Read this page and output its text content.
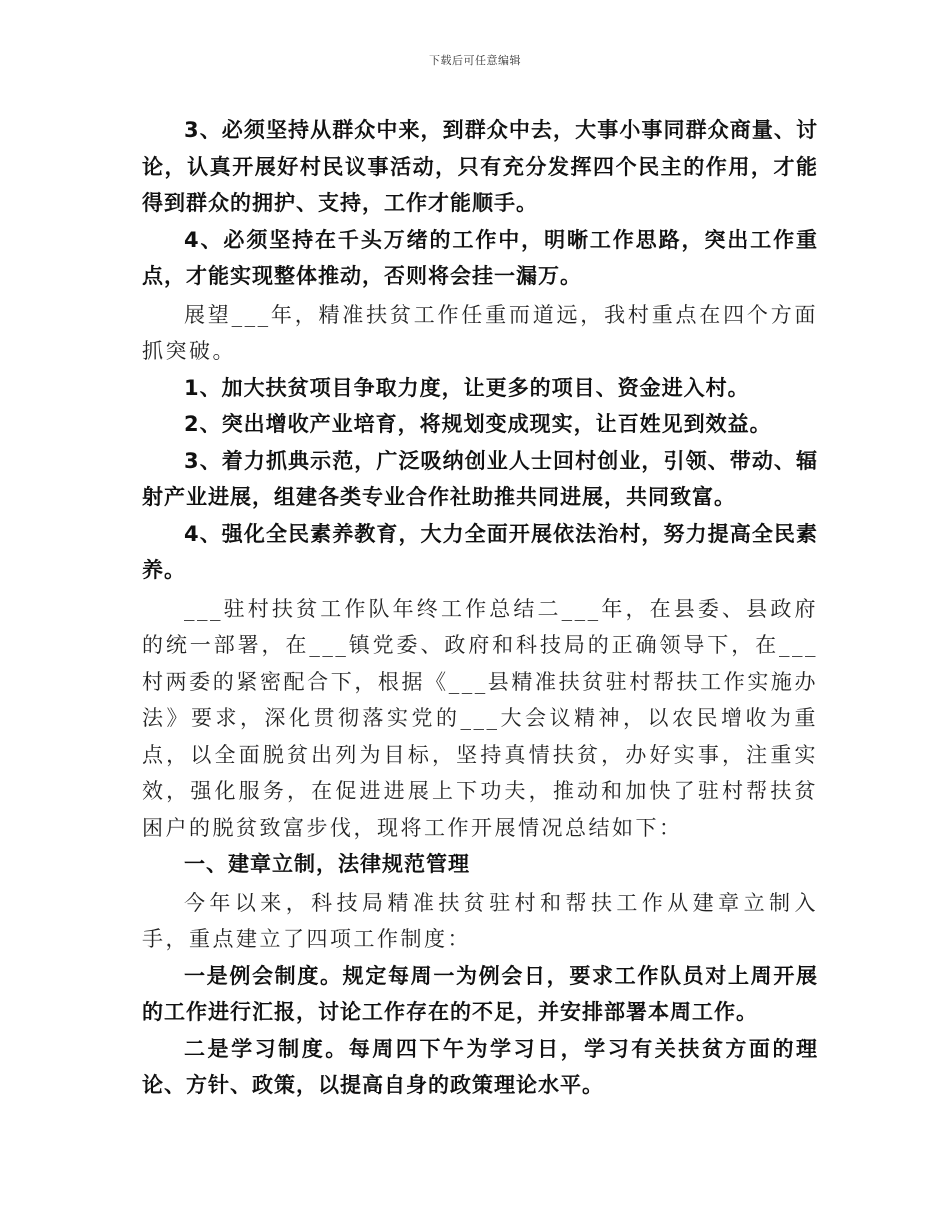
下载后可任意编辑

3、必须坚持从群众中来，到群众中去，大事小事同群众商量、讨论，认真开展好村民议事活动，只有充分发挥四个民主的作用，才能得到群众的拥护、支持，工作才能顺手。

4、必须坚持在千头万绪的工作中，明晰工作思路，突出工作重点，才能实现整体推动，否则将会挂一漏万。

展望___年，精准扶贫工作任重而道远，我村重点在四个方面抓突破。

1、加大扶贫项目争取力度，让更多的项目、资金进入村。

2、突出增收产业培育，将规划变成现实，让百姓见到效益。

3、着力抓典示范，广泛吸纳创业人士回村创业，引领、带动、辐射产业进展，组建各类专业合作社助推共同进展，共同致富。

4、强化全民素养教育，大力全面开展依法治村，努力提高全民素养。

___驻村扶贫工作队年终工作总结二___年，在县委、县政府的统一部署，在___镇党委、政府和科技局的正确领导下，在___村两委的紧密配合下，根据《___县精准扶贫驻村帮扶工作实施办法》要求，深化贯彻落实党的___大会议精神，以农民增收为重点，以全面脱贫出列为目标，坚持真情扶贫，办好实事，注重实效，强化服务，在促进进展上下功夫，推动和加快了驻村帮扶贫困户的脱贫致富步伐，现将工作开展情况总结如下：

一、建章立制，法律规范管理

今年以来，科技局精准扶贫驻村和帮扶工作从建章立制入手，重点建立了四项工作制度：

一是例会制度。规定每周一为例会日，要求工作队员对上周开展的工作进行汇报，讨论工作存在的不足，并安排部署本周工作。

二是学习制度。每周四下午为学习日，学习有关扶贫方面的理论、方针、政策，以提高自身的政策理论水平。
